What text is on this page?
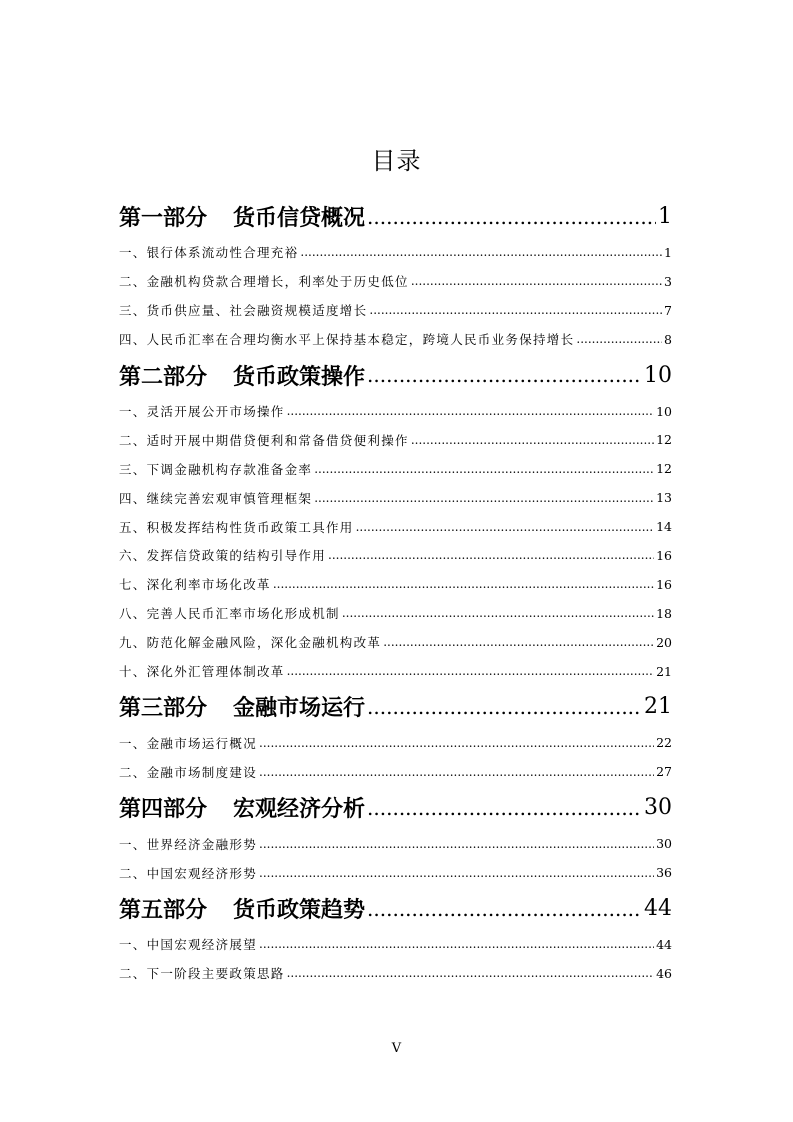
目录
第一部分 货币信贷概况 .....	1
一、银行体系流动性合理充裕 .....	1
二、金融机构贷款合理增长，利率处于历史低位 .....	3
三、货币供应量、社会融资规模适度增长 .....	7
四、人民币汇率在合理均衡水平上保持基本稳定，跨境人民币业务保持增长 .....	8
第二部分 货币政策操作 .....	10
一、灵活开展公开市场操作 .....	10
二、适时开展中期借贷便利和常备借贷便利操作 .....	12
三、下调金融机构存款准备金率 .....	12
四、继续完善宏观审慎管理框架 .....	13
五、积极发挥结构性货币政策工具作用 .....	14
六、发挥信贷政策的结构引导作用 .....	16
七、深化利率市场化改革 .....	16
八、完善人民币汇率市场化形成机制 .....	18
九、防范化解金融风险，深化金融机构改革 .....	20
十、深化外汇管理体制改革 .....	21
第三部分 金融市场运行 .....	21
一、金融市场运行概况 .....	22
二、金融市场制度建设 .....	27
第四部分 宏观经济分析 .....	30
一、世界经济金融形势 .....	30
二、中国宏观经济形势 .....	36
第五部分 货币政策趋势 .....	44
一、中国宏观经济展望 .....	44
二、下一阶段主要政策思路 .....	46
V
